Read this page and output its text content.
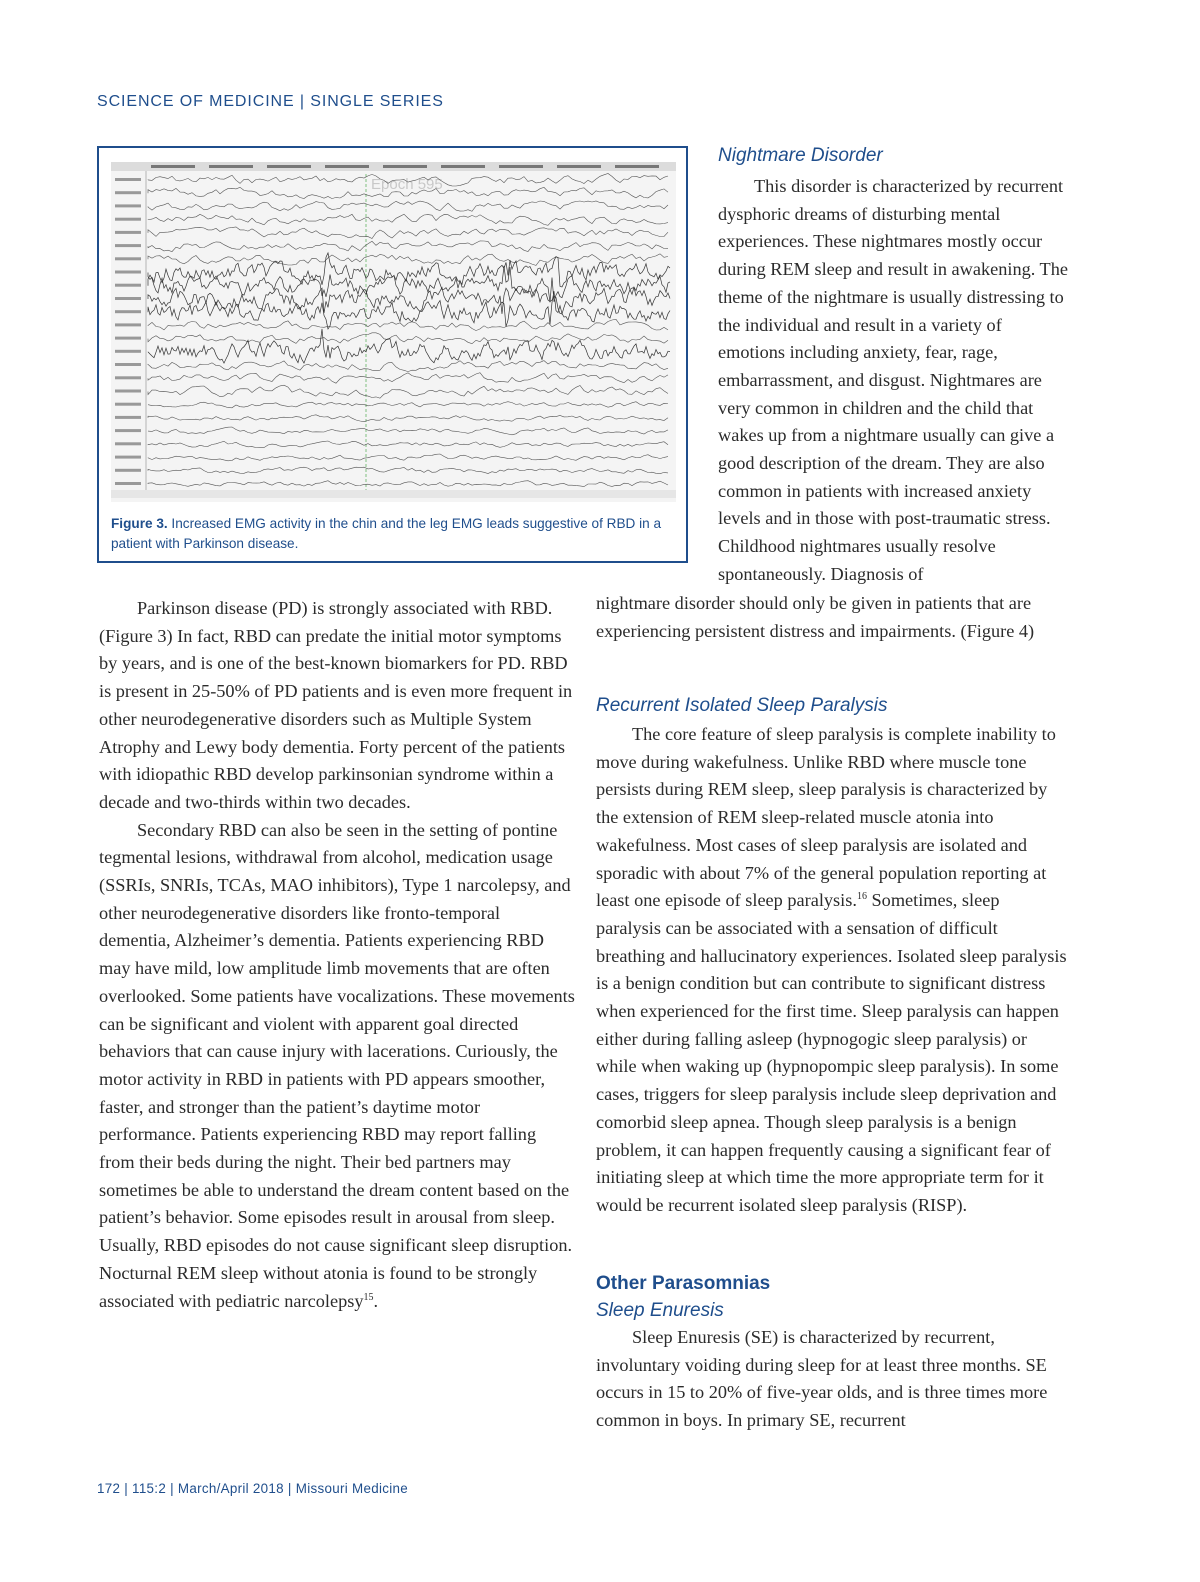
SCIENCE OF MEDICINE | SINGLE SERIES
Epoch 595
Figure 3. Increased EMG activity in the chin and the leg EMG leads suggestive of RBD in a patient with Parkinson disease.

Parkinson disease (PD) is strongly associated with RBD. (Figure 3) In fact, RBD can predate the initial motor symptoms by years, and is one of the best-known biomarkers for PD. RBD is present in 25-50% of PD patients and is even more frequent in other neurodegenerative disorders such as Multiple System Atrophy and Lewy body dementia. Forty percent of the patients with idiopathic RBD develop parkinsonian syndrome within a decade and two-thirds within two decades.

Secondary RBD can also be seen in the setting of pontine tegmental lesions, withdrawal from alcohol, medication usage (SSRIs, SNRIs, TCAs, MAO inhibitors), Type 1 narcolepsy, and other neurodegenerative disorders like fronto-temporal dementia, Alzheimer’s dementia. Patients experiencing RBD may have mild, low amplitude limb movements that are often overlooked. Some patients have vocalizations. These movements can be significant and violent with apparent goal directed behaviors that can cause injury with lacerations. Curiously, the motor activity in RBD in patients with PD appears smoother, faster, and stronger than the patient’s daytime motor performance. Patients experiencing RBD may report falling from their beds during the night. Their bed partners may sometimes be able to understand the dream content based on the patient’s behavior. Some episodes result in arousal from sleep. Usually, RBD episodes do not cause significant sleep disruption. Nocturnal REM sleep without atonia is found to be strongly associated with pediatric narcolepsy$^{15}$.

Nightmare Disorder

This disorder is characterized by recurrent dysphoric dreams of disturbing mental experiences. These nightmares mostly occur during REM sleep and result in awakening. The theme of the nightmare is usually distressing to the individual and result in a variety of emotions including anxiety, fear, rage, embarrassment, and disgust. Nightmares are very common in children and the child that wakes up from a nightmare usually can give a good description of the dream. They are also common in patients with increased anxiety levels and in those with post-traumatic stress. Childhood nightmares usually resolve spontaneously. Diagnosis of

nightmare disorder should only be given in patients that are experiencing persistent distress and impairments. (Figure 4)

Recurrent Isolated Sleep Paralysis

The core feature of sleep paralysis is complete inability to move during wakefulness. Unlike RBD where muscle tone persists during REM sleep, sleep paralysis is characterized by the extension of REM sleep-related muscle atonia into wakefulness. Most cases of sleep paralysis are isolated and sporadic with about 7% of the general population reporting at least one episode of sleep paralysis.$^{16}$ Sometimes, sleep paralysis can be associated with a sensation of difficult breathing and hallucinatory experiences. Isolated sleep paralysis is a benign condition but can contribute to significant distress when experienced for the first time. Sleep paralysis can happen either during falling asleep (hypnogogic sleep paralysis) or while when waking up (hypnopompic sleep paralysis). In some cases, triggers for sleep paralysis include sleep deprivation and comorbid sleep apnea. Though sleep paralysis is a benign problem, it can happen frequently causing a significant fear of initiating sleep at which time the more appropriate term for it would be recurrent isolated sleep paralysis (RISP).

Other Parasomnias

Sleep Enuresis

Sleep Enuresis (SE) is characterized by recurrent, involuntary voiding during sleep for at least three months. SE occurs in 15 to 20% of five-year olds, and is three times more common in boys. In primary SE, recurrent

172 | 115:2 | March/April 2018 | Missouri Medicine
